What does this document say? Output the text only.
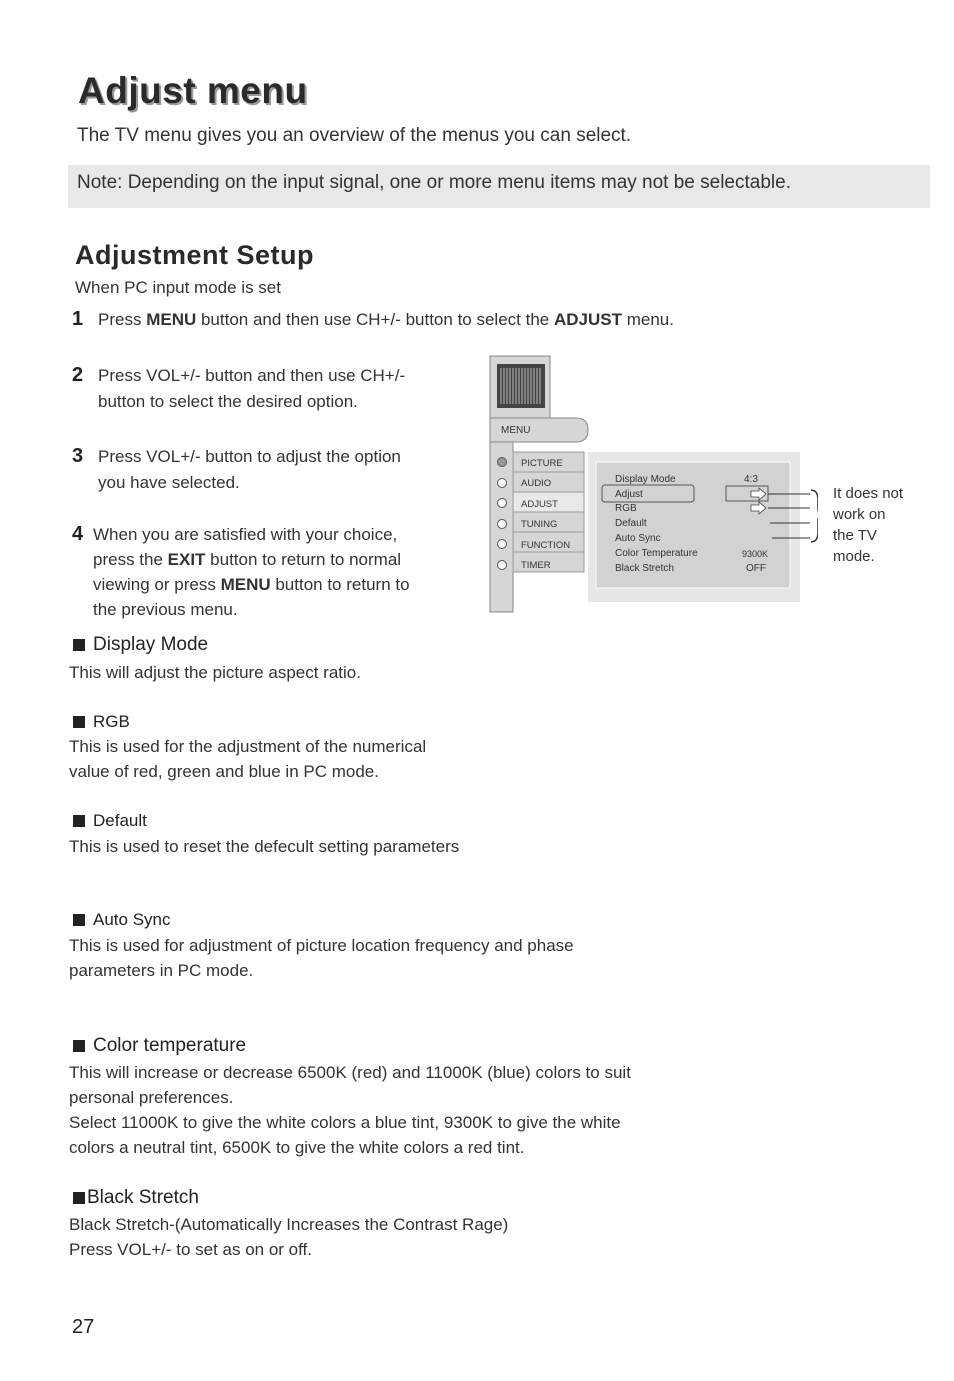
Adjust menu
The TV menu gives you an overview of the menus you can select.
Note: Depending on the input signal, one or more menu items may not be selectable.
Adjustment Setup
When PC input mode is set
1 Press MENU button and then use CH+/- button to select the ADJUST menu.
2 Press VOL+/- button and then use CH+/-
button to select the desired option.
3 Press VOL+/- button to adjust the option
you have selected.
4 When you are satisfied with your choice,
press the EXIT button to return to normal
viewing or press MENU button to return to
the previous menu.
MENU
PICTURE
AUDIO
ADJUST
TUNING
FUNCTION
TIMER
Display Mode
Adjust
RGB
Default
Auto Sync
Color Temperature
Black Stretch
4:3
9300K
OFF
It does not
work on
the TV
mode.
Display Mode
This will adjust the picture aspect ratio.
RGB
This is used for the adjustment of the numerical
value of red, green and blue in PC mode.
Default
This is used to reset the defecult setting parameters
Auto Sync
This is used for adjustment of picture location frequency and phase
parameters in PC mode.
Color temperature
This will increase or decrease 6500K (red) and 11000K (blue) colors to suit
personal preferences.
Select 11000K to give the white colors a blue tint, 9300K to give the white
colors a neutral tint, 6500K to give the white colors a red tint.
Black Stretch
Black Stretch-(Automatically Increases the Contrast Rage)
Press VOL+/- to set as on or off.
27
